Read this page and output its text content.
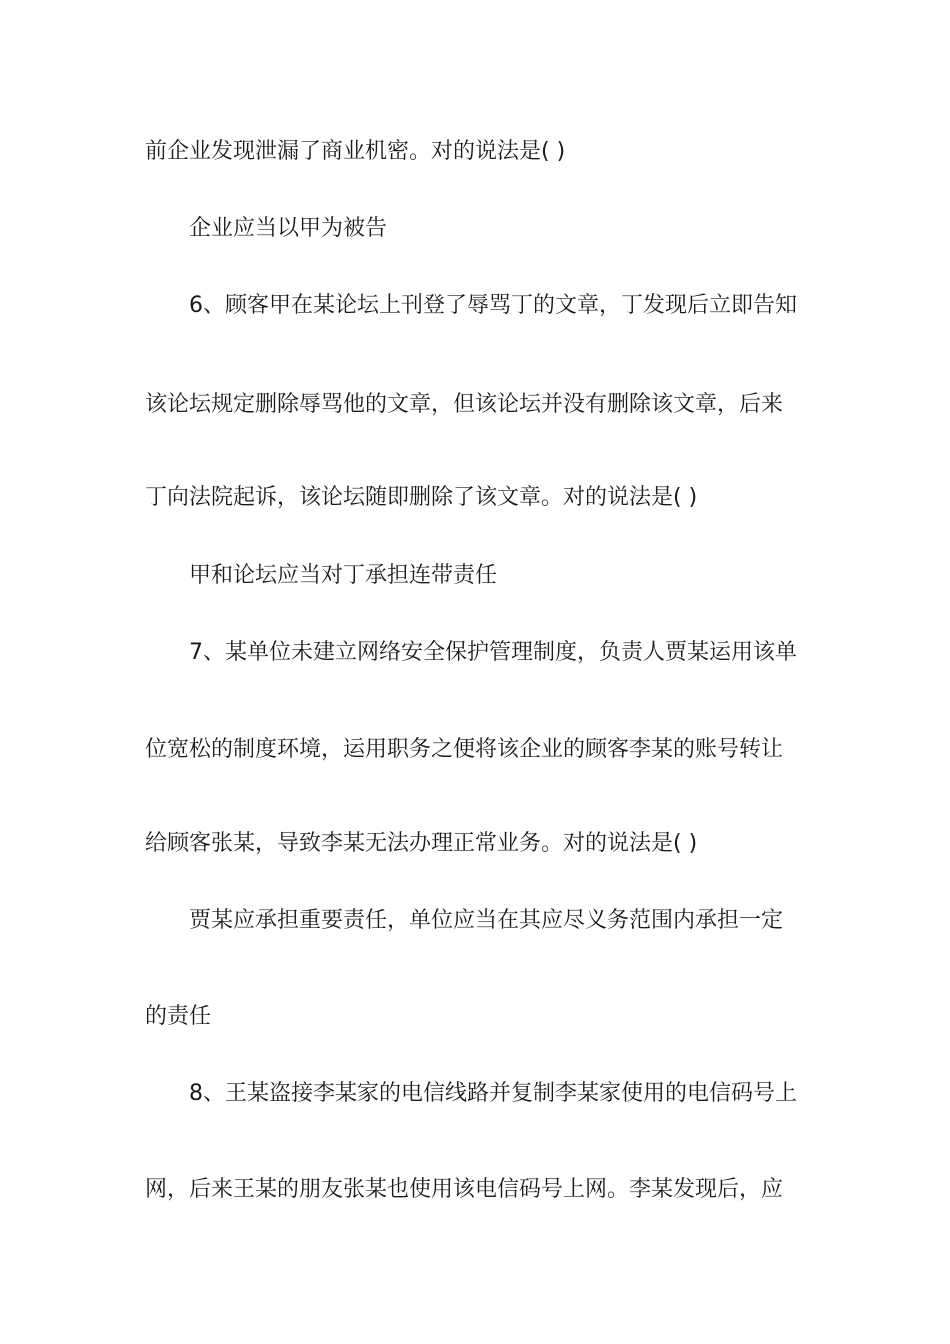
前企业发现泄漏了商业机密。对的说法是( )
企业应当以甲为被告
6、顾客甲在某论坛上刊登了辱骂丁的文章，丁发现后立即告知
该论坛规定删除辱骂他的文章，但该论坛并没有删除该文章，后来
丁向法院起诉，该论坛随即删除了该文章。对的说法是( )
甲和论坛应当对丁承担连带责任
7、某单位未建立网络安全保护管理制度，负责人贾某运用该单
位宽松的制度环境，运用职务之便将该企业的顾客李某的账号转让
给顾客张某，导致李某无法办理正常业务。对的说法是( )
贾某应承担重要责任，单位应当在其应尽义务范围内承担一定
的责任
8、王某盗接李某家的电信线路并复制李某家使用的电信码号上
网，后来王某的朋友张某也使用该电信码号上网。李某发现后，应
